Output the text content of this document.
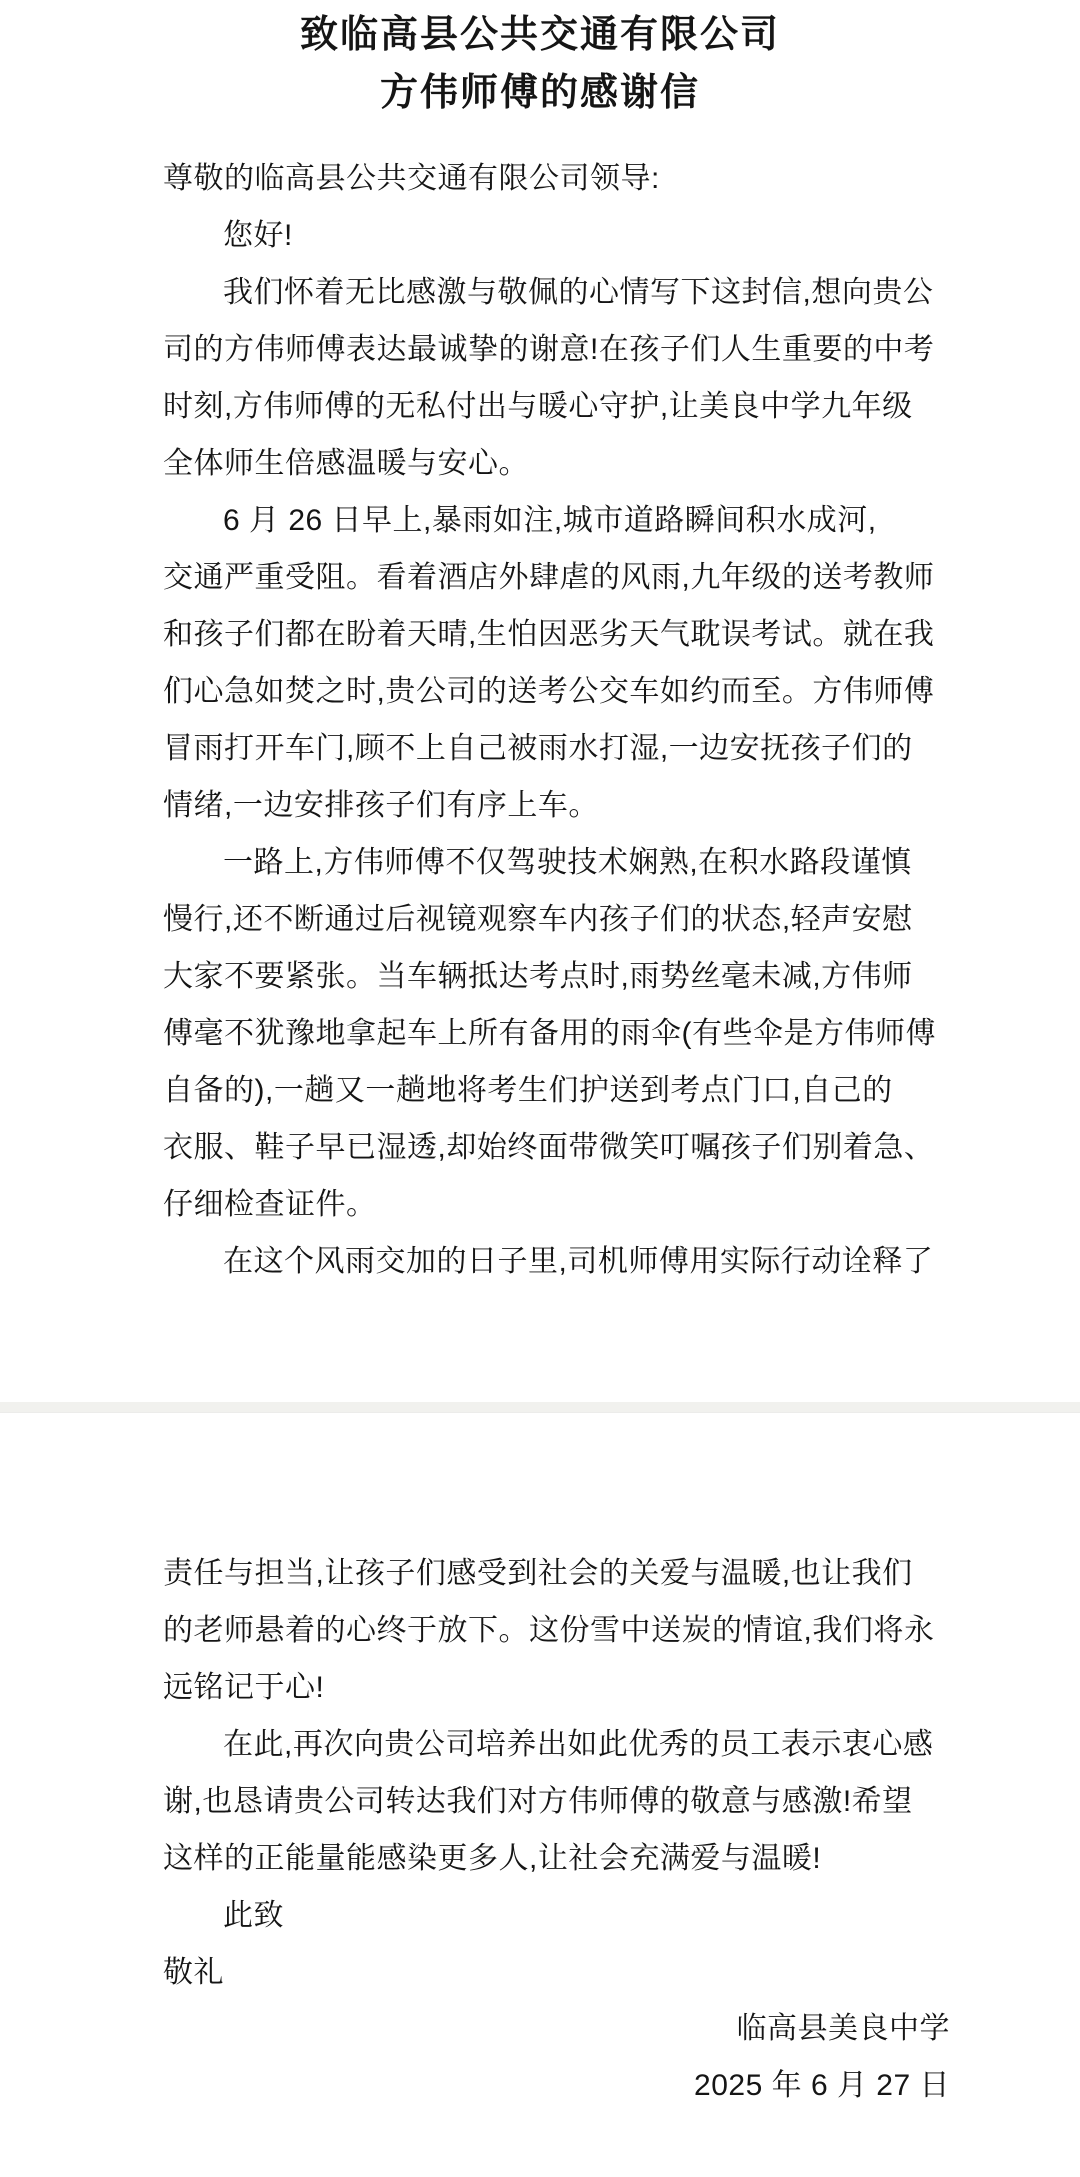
致临高县公共交通有限公司
方伟师傅的感谢信
尊敬的临高县公共交通有限公司领导:
您好!
我们怀着无比感激与敬佩的心情写下这封信,想向贵公
司的方伟师傅表达最诚挚的谢意!在孩子们人生重要的中考
时刻,方伟师傅的无私付出与暖心守护,让美良中学九年级
全体师生倍感温暖与安心。
6 月 26 日早上,暴雨如注,城市道路瞬间积水成河,
交通严重受阻。看着酒店外肆虐的风雨,九年级的送考教师
和孩子们都在盼着天晴,生怕因恶劣天气耽误考试。就在我
们心急如焚之时,贵公司的送考公交车如约而至。方伟师傅
冒雨打开车门,顾不上自己被雨水打湿,一边安抚孩子们的
情绪,一边安排孩子们有序上车。
一路上,方伟师傅不仅驾驶技术娴熟,在积水路段谨慎
慢行,还不断通过后视镜观察车内孩子们的状态,轻声安慰
大家不要紧张。当车辆抵达考点时,雨势丝毫未减,方伟师
傅毫不犹豫地拿起车上所有备用的雨伞(有些伞是方伟师傅
自备的),一趟又一趟地将考生们护送到考点门口,自己的
衣服、鞋子早已湿透,却始终面带微笑叮嘱孩子们别着急、
仔细检查证件。
在这个风雨交加的日子里,司机师傅用实际行动诠释了
责任与担当,让孩子们感受到社会的关爱与温暖,也让我们
的老师悬着的心终于放下。这份雪中送炭的情谊,我们将永
远铭记于心!
在此,再次向贵公司培养出如此优秀的员工表示衷心感
谢,也恳请贵公司转达我们对方伟师傅的敬意与感激!希望
这样的正能量能感染更多人,让社会充满爱与温暖!
此致
敬礼
临高县美良中学
2025 年 6 月 27 日
